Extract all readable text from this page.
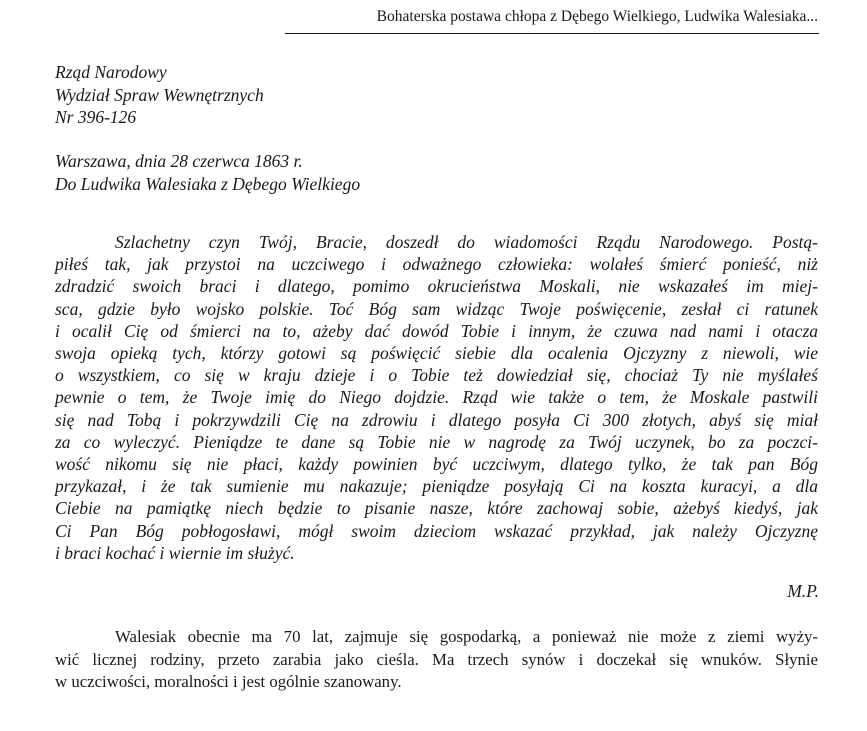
Bohaterska postawa chłopa z Dębego Wielkiego, Ludwika Walesiaka...
Rząd Narodowy
Wydział Spraw Wewnętrznych
Nr 396-126
Warszawa, dnia 28 czerwca 1863 r.
Do Ludwika Walesiaka z Dębego Wielkiego
Szlachetny czyn Twój, Bracie, doszedł do wiadomości Rządu Narodowego. Postą-
piłeś tak, jak przystoi na uczciwego i odważnego człowieka: wolałeś śmierć ponieść, niż
zdradzić swoich braci i dlatego, pomimo okrucieństwa Moskali, nie wskazałeś im miej-
sca, gdzie było wojsko polskie. Toć Bóg sam widząc Twoje poświęcenie, zesłał ci ratunek
i ocalił Cię od śmierci na to, ażeby dać dowód Tobie i innym, że czuwa nad nami i otacza
swoja opieką tych, którzy gotowi są poświęcić siebie dla ocalenia Ojczyzny z niewoli, wie
o wszystkiem, co się w kraju dzieje i o Tobie też dowiedział się, chociaż Ty nie myślałeś
pewnie o tem, że Twoje imię do Niego dojdzie. Rząd wie także o tem, że Moskale pastwili
się nad Tobą i pokrzywdzili Cię na zdrowiu i dlatego posyła Ci 300 złotych, abyś się miał
za co wyleczyć. Pieniądze te dane są Tobie nie w nagrodę za Twój uczynek, bo za poczci-
wość nikomu się nie płaci, każdy powinien być uczciwym, dlatego tylko, że tak pan Bóg
przykazał, i że tak sumienie mu nakazuje; pieniądze posyłają Ci na koszta kuracyi, a dla
Ciebie na pamiątkę niech będzie to pisanie nasze, które zachowaj sobie, ażebyś kiedyś, jak
Ci Pan Bóg pobłogosławi, mógł swoim dzieciom wskazać przykład, jak należy Ojczyznę
i braci kochać i wiernie im służyć.
M.P.
Walesiak obecnie ma 70 lat, zajmuje się gospodarką, a ponieważ nie może z ziemi wyży-
wić licznej rodziny, przeto zarabia jako cieśla. Ma trzech synów i doczekał się wnuków. Słynie
w uczciwości, moralności i jest ogólnie szanowany.
